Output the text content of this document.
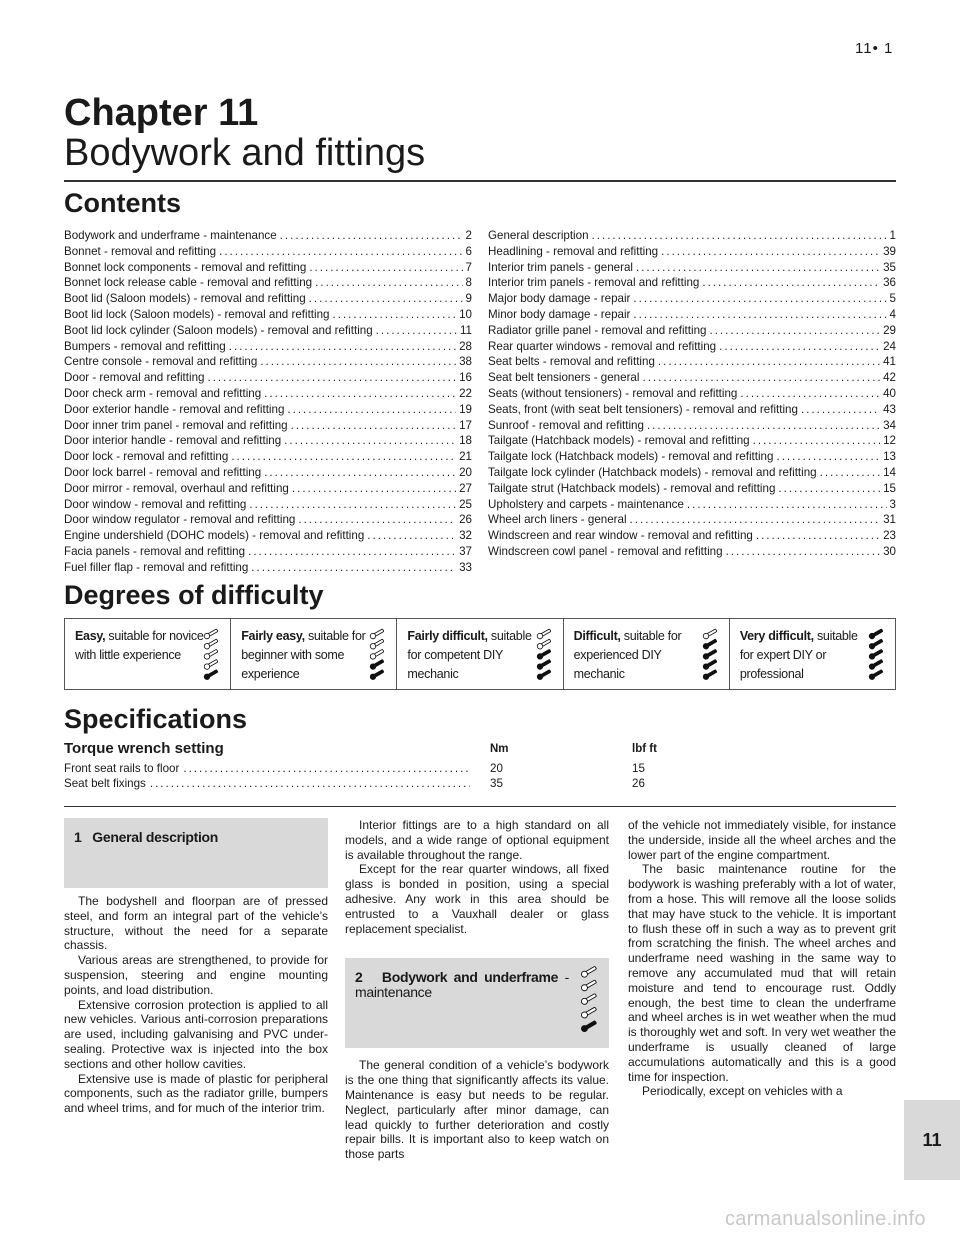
11• 1
Chapter 11
Bodywork and fittings
Contents
Bodywork and underframe - maintenance .....	2
Bonnet - removal and refitting .....	6
Bonnet lock components - removal and refitting .....	7
Bonnet lock release cable - removal and refitting .....	8
Boot lid (Saloon models) - removal and refitting .....	9
Boot lid lock (Saloon models) - removal and refitting .....	10
Boot lid lock cylinder (Saloon models) - removal and refitting .....	11
Bumpers - removal and refitting .....	28
Centre console - removal and refitting .....	38
Door - removal and refitting .....	16
Door check arm - removal and refitting .....	22
Door exterior handle - removal and refitting .....	19
Door inner trim panel - removal and refitting .....	17
Door interior handle - removal and refitting .....	18
Door lock - removal and refitting .....	21
Door lock barrel - removal and refitting .....	20
Door mirror - removal, overhaul and refitting .....	27
Door window - removal and refitting .....	25
Door window regulator - removal and refitting .....	26
Engine undershield (DOHC models) - removal and refitting .....	32
Facia panels - removal and refitting .....	37
Fuel filler flap - removal and refitting .....	33
General description .....	1
Headlining - removal and refitting .....	39
Interior trim panels - general .....	35
Interior trim panels - removal and refitting .....	36
Major body damage - repair .....	5
Minor body damage - repair .....	4
Radiator grille panel - removal and refitting .....	29
Rear quarter windows - removal and refitting .....	24
Seat belts - removal and refitting .....	41
Seat belt tensioners - general .....	42
Seats (without tensioners) - removal and refitting .....	40
Seats, front (with seat belt tensioners) - removal and refitting .....	43
Sunroof - removal and refitting .....	34
Tailgate (Hatchback models) - removal and refitting .....	12
Tailgate lock (Hatchback models) - removal and refitting .....	13
Tailgate lock cylinder (Hatchback models) - removal and refitting .....	14
Tailgate strut (Hatchback models) - removal and refitting .....	15
Upholstery and carpets - maintenance .....	3
Wheel arch liners - general .....	31
Windscreen and rear window - removal and refitting .....	23
Windscreen cowl panel - removal and refitting .....	30
Degrees of difficulty
Easy, suitable for novice with little experience
Fairly easy, suitable for beginner with some experience
Fairly difficult, suitable for competent DIY mechanic
Difficult, suitable for experienced DIY mechanic
Very difficult, suitable for expert DIY or professional
Specifications
Torque wrench setting	Nm	lbf ft
Front seat rails to floor .....	20	15
Seat belt fixings .....	35	26
1 General description

The bodyshell and floorpan are of pressed steel, and form an integral part of the vehicle’s structure, without the need for a separate chassis.

Various areas are strengthened, to provide for suspension, steering and engine mounting points, and load distribution.

Extensive corrosion protection is applied to all new vehicles. Various anti-corrosion preparations are used, including galvanising and PVC under-sealing. Protective wax is injected into the box sections and other hollow cavities.

Extensive use is made of plastic for peripheral components, such as the radiator grille, bumpers and wheel trims, and for much of the interior trim.

Interior fittings are to a high standard on all models, and a wide range of optional equipment is available throughout the range.

Except for the rear quarter windows, all fixed glass is bonded in position, using a special adhesive. Any work in this area should be entrusted to a Vauxhall dealer or glass replacement specialist.

2 Bodywork and underframe - maintenance

The general condition of a vehicle’s bodywork is the one thing that significantly affects its value. Maintenance is easy but needs to be regular. Neglect, particularly after minor damage, can lead quickly to further deterioration and costly repair bills. It is important also to keep watch on those parts

of the vehicle not immediately visible, for instance the underside, inside all the wheel arches and the lower part of the engine compartment.

The basic maintenance routine for the bodywork is washing preferably with a lot of water, from a hose. This will remove all the loose solids that may have stuck to the vehicle. It is important to flush these off in such a way as to prevent grit from scratching the finish. The wheel arches and underframe need washing in the same way to remove any accumulated mud that will retain moisture and tend to encourage rust. Oddly enough, the best time to clean the underframe and wheel arches is in wet weather when the mud is thoroughly wet and soft. In very wet weather the underframe is usually cleaned of large accumulations automatically and this is a good time for inspection.

Periodically, except on vehicles with a

11
carmanualsonline.info
